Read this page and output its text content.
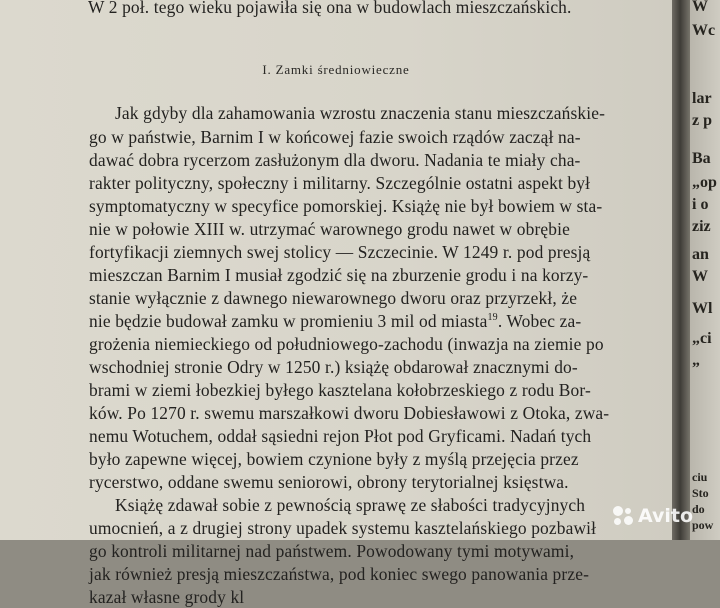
W 2 poł. tego wieku pojawiła się ona w budowlach mieszczańskich.
I. Zamki średniowieczne
Jak gdyby dla zahamowania wzrostu znaczenia stanu mieszczańskie-
go w państwie, Barnim I w końcowej fazie swoich rządów zaczął na-
dawać dobra rycerzom zasłużonym dla dworu. Nadania te miały cha-
rakter polityczny, społeczny i militarny. Szczególnie ostatni aspekt był
symptomatyczny w specyfice pomorskiej. Książę nie był bowiem w sta-
nie w połowie XIII w. utrzymać warownego grodu nawet w obrębie
fortyfikacji ziemnych swej stolicy — Szczecinie. W 1249 r. pod presją
mieszczan Barnim I musiał zgodzić się na zburzenie grodu i na korzy-
stanie wyłącznie z dawnego niewarownego dworu oraz przyrzekł, że
nie będzie budował zamku w promieniu 3 mil od miasta$^{19}$. Wobec za-
grożenia niemieckiego od południowego-zachodu (inwazja na ziemie po
wschodniej stronie Odry w 1250 r.) książę obdarował znacznymi do-
brami w ziemi łobezkiej byłego kasztelana kołobrzeskiego z rodu Bor-
ków. Po 1270 r. swemu marszałkowi dworu Dobiesławowi z Otoka, zwa-
nemu Wotuchem, oddał sąsiedni rejon Płot pod Gryficami. Nadań tych
było zapewne więcej, bowiem czynione były z myślą przejęcia przez
rycerstwo, oddane swemu seniorowi, obrony terytorialnej księstwa.
Książę zdawał sobie z pewnością sprawę ze słabości tradycyjnych
umocnień, a z drugiej strony upadek systemu kasztelańskiego pozbawił
go kontroli militarnej nad państwem. Powodowany tymi motywami,
jak również presją mieszczaństwa, pod koniec swego panowania prze-
kazał własne grody kl
W
Wc
lar
z p
Ba
„op
i o
ziz
an
W
Wl
„ci
„
ciu
Sto
do
pow
Avito
